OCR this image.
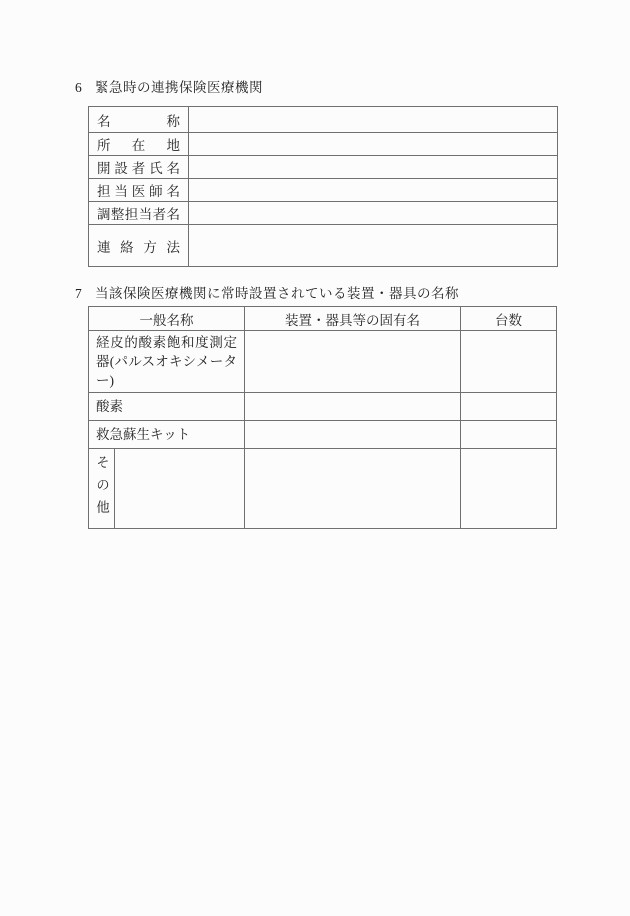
6 緊急時の連携保険医療機関
名称	
所在地	
開設者氏名	
担当医師名	
調整担当者名	
連絡方法	
7 当該保険医療機関に常時設置されている装置・器具の名称
一般名称	装置・器具等の固有名	台数
経皮的酸素飽和度測定器(パルスオキシメーター)		
酸素		
救急蘇生キット		

その他		
